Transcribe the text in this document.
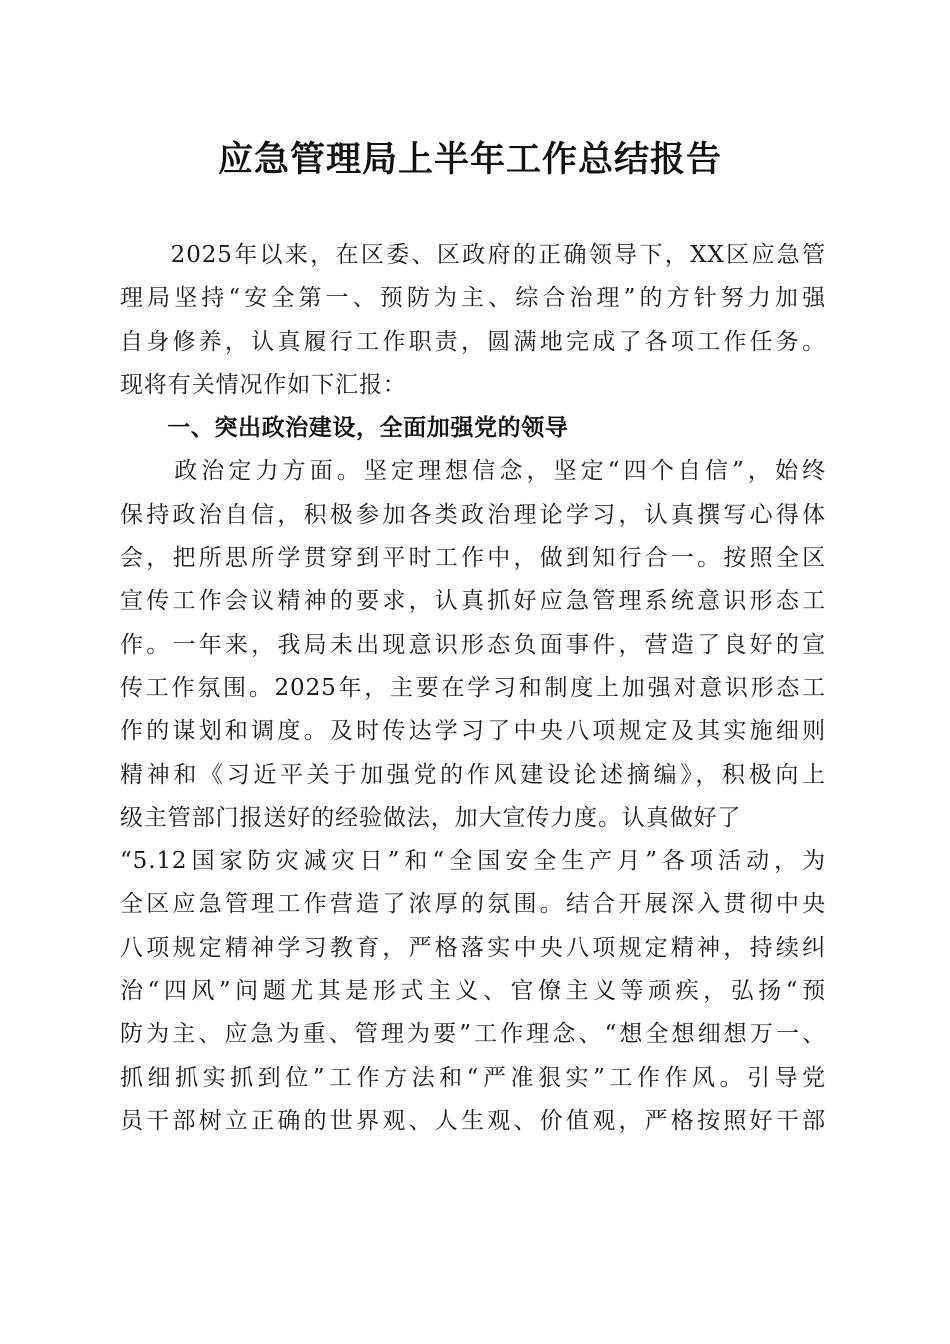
应急管理局上半年工作总结报告
　　2025年以来，在区委、区政府的正确领导下，XX区应急管
理局坚持“安全第一、预防为主、综合治理”的方针努力加强
自身修养，认真履行工作职责，圆满地完成了各项工作任务。
现将有关情况作如下汇报：
　　一、突出政治建设，全面加强党的领导
　　政治定力方面。坚定理想信念，坚定“四个自信”，始终
保持政治自信，积极参加各类政治理论学习，认真撰写心得体
会，把所思所学贯穿到平时工作中，做到知行合一。按照全区
宣传工作会议精神的要求，认真抓好应急管理系统意识形态工
作。一年来，我局未出现意识形态负面事件，营造了良好的宣
传工作氛围。2025年，主要在学习和制度上加强对意识形态工
作的谋划和调度。及时传达学习了中央八项规定及其实施细则
精神和《习近平关于加强党的作风建设论述摘编》，积极向上
级主管部门报送好的经验做法，加大宣传力度。认真做好了
“5.12国家防灾减灾日”和“全国安全生产月”各项活动，为
全区应急管理工作营造了浓厚的氛围。结合开展深入贯彻中央
八项规定精神学习教育，严格落实中央八项规定精神，持续纠
治“四风”问题尤其是形式主义、官僚主义等顽疾，弘扬“预
防为主、应急为重、管理为要”工作理念、“想全想细想万一、
抓细抓实抓到位”工作方法和“严准狠实”工作作风。引导党
员干部树立正确的世界观、人生观、价值观，严格按照好干部
